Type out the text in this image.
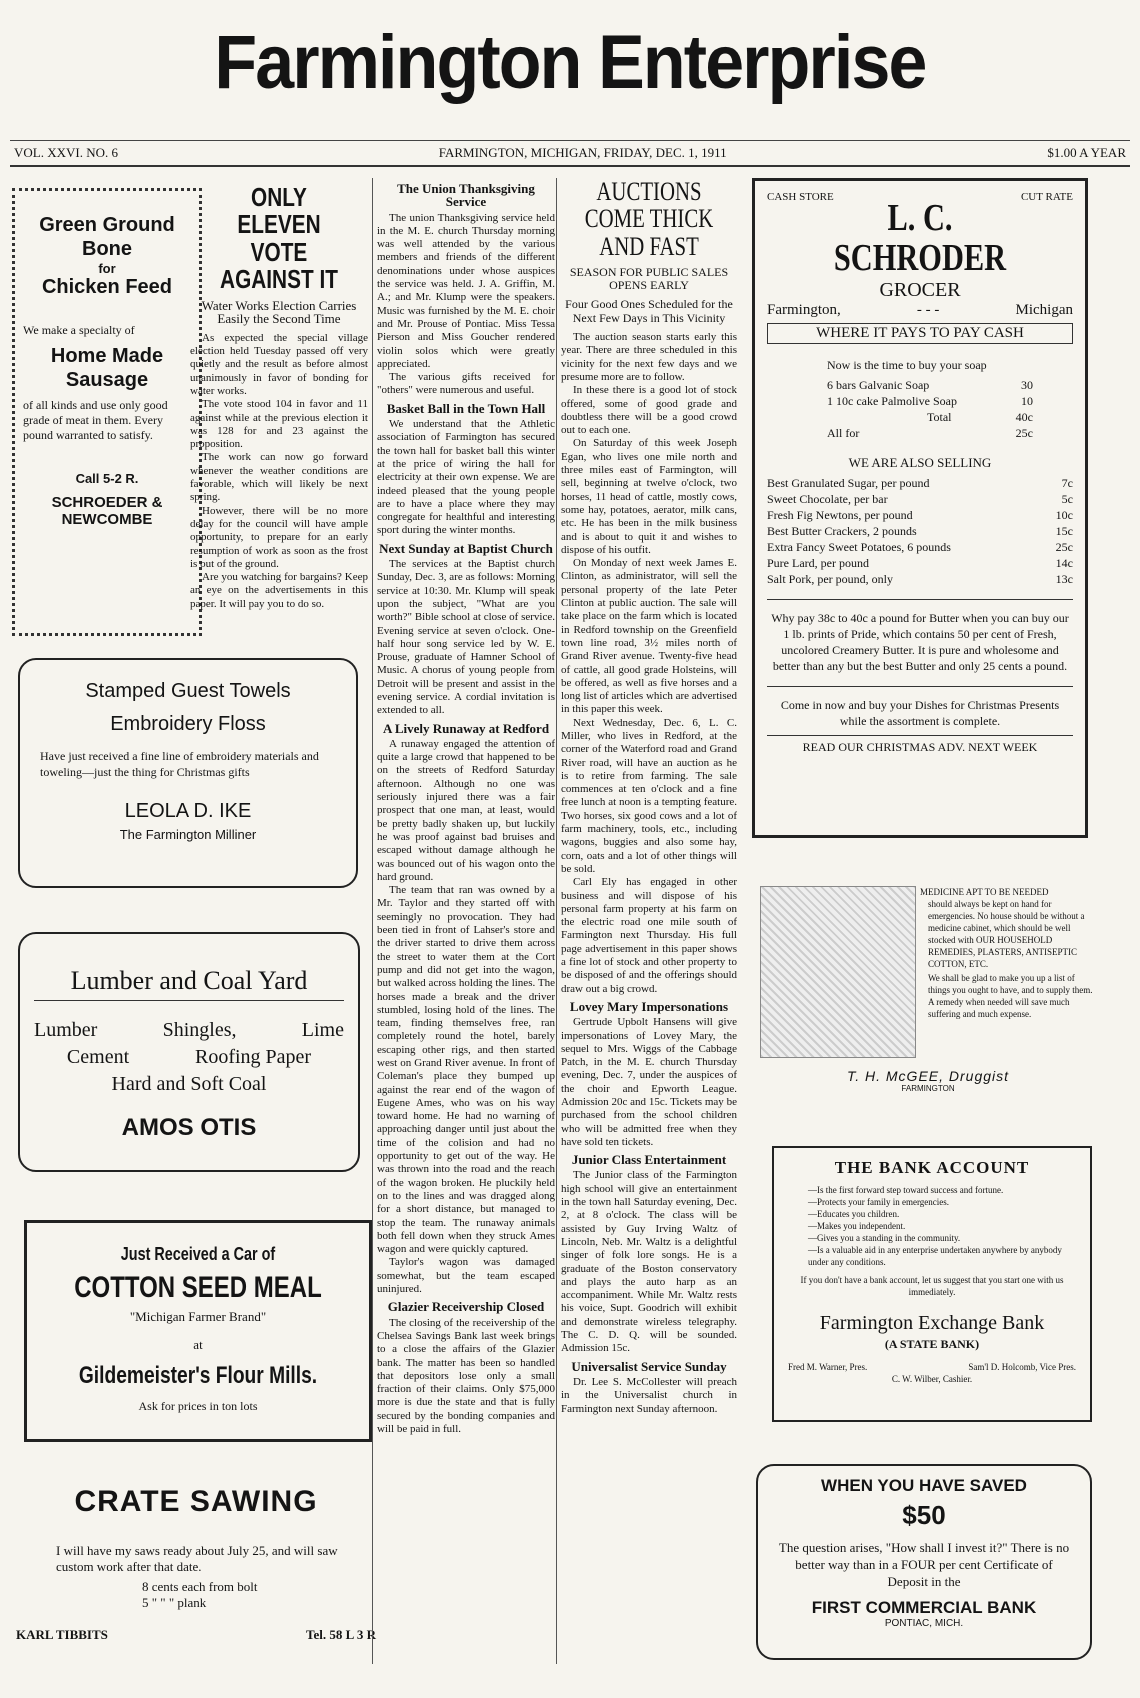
Farmington Enterprise
VOL. XXVI. NO. 6	FARMINGTON, MICHIGAN, FRIDAY, DEC. 1, 1911	$1.00 A YEAR
Green Ground Bone
for
Chicken Feed
We make a specialty of
Home Made Sausage
of all kinds and use only good grade of meat in them. Every pound warranted to satisfy.
Call 5-2 R.
SCHROEDER & NEWCOMBE
Stamped Guest Towels
Embroidery Floss
Have just received a fine line of embroidery materials and toweling—just the thing for Christmas gifts
LEOLA D. IKE
The Farmington Milliner
Lumber and Coal Yard
Lumber	Shingles,	Lime
Cement	Roofing Paper
Hard and Soft Coal
AMOS OTIS
Just Received a Car of
COTTON SEED MEAL
"Michigan Farmer Brand"
at
Gildemeister's Flour Mills.
Ask for prices in ton lots
CRATE SAWING
I will have my saws ready about July 25, and will saw custom work after that date.
8 cents each from bolt
5 " " " plank
KARL TIBBITS	Tel. 58 L 3 R
ONLY ELEVEN VOTE AGAINST IT
Water Works Election Carries Easily the Second Time

As expected the special village election held Tuesday passed off very quietly and the result as before almost unanimously in favor of bonding for water works.

The vote stood 104 in favor and 11 against while at the previous election it was 128 for and 23 against the proposition.

The work can now go forward whenever the weather conditions are favorable, which will likely be next spring.

However, there will be no more delay for the council will have ample opportunity, to prepare for an early resumption of work as soon as the frost is out of the ground.

Are you watching for bargains? Keep an eye on the advertisements in this paper. It will pay you to do so.

The Union Thanksgiving Service

The union Thanksgiving service held in the M. E. church Thursday morning was well attended by the various members and friends of the different denominations under whose auspices the service was held. J. A. Griffin, M. A.; and Mr. Klump were the speakers. Music was furnished by the M. E. choir and Mr. Prouse of Pontiac. Miss Tessa Pierson and Miss Goucher rendered violin solos which were greatly appreciated.

The various gifts received for "others" were numerous and useful.

Basket Ball in the Town Hall

We understand that the Athletic association of Farmington has secured the town hall for basket ball this winter at the price of wiring the hall for electricity at their own expense. We are indeed pleased that the young people are to have a place where they may congregate for healthful and interesting sport during the winter months.

Next Sunday at Baptist Church

The services at the Baptist church Sunday, Dec. 3, are as follows: Morning service at 10:30. Mr. Klump will speak upon the subject, "What are you worth?" Bible school at close of service. Evening service at seven o'clock. One-half hour song service led by W. E. Prouse, graduate of Hamner School of Music. A chorus of young people from Detroit will be present and assist in the evening service. A cordial invitation is extended to all.

A Lively Runaway at Redford

A runaway engaged the attention of quite a large crowd that happened to be on the streets of Redford Saturday afternoon. Although no one was seriously injured there was a fair prospect that one man, at least, would be pretty badly shaken up, but luckily he was proof against bad bruises and escaped without damage although he was bounced out of his wagon onto the hard ground.

The team that ran was owned by a Mr. Taylor and they started off with seemingly no provocation. They had been tied in front of Lahser's store and the driver started to drive them across the street to water them at the Cort pump and did not get into the wagon, but walked across holding the lines. The horses made a break and the driver stumbled, losing hold of the lines. The team, finding themselves free, ran completely round the hotel, barely escaping other rigs, and then started west on Grand River avenue. In front of Coleman's place they bumped up against the rear end of the wagon of Eugene Ames, who was on his way toward home. He had no warning of approaching danger until just about the time of the colision and had no opportunity to get out of the way. He was thrown into the road and the reach of the wagon broken. He pluckily held on to the lines and was dragged along for a short distance, but managed to stop the team. The runaway animals both fell down when they struck Ames wagon and were quickly captured.

Taylor's wagon was damaged somewhat, but the team escaped uninjured.

Glazier Receivership Closed

The closing of the receivership of the Chelsea Savings Bank last week brings to a close the affairs of the Glazier bank. The matter has been so handled that depositors lose only a small fraction of their claims. Only $75,000 more is due the state and that is fully secured by the bonding companies and will be paid in full.

AUCTIONS COME THICK AND FAST
SEASON FOR PUBLIC SALES OPENS EARLY
Four Good Ones Scheduled for the Next Few Days in This Vicinity

The auction season starts early this year. There are three scheduled in this vicinity for the next few days and we presume more are to follow.

In these there is a good lot of stock offered, some of good grade and doubtless there will be a good crowd out to each one.

On Saturday of this week Joseph Egan, who lives one mile north and three miles east of Farmington, will sell, beginning at twelve o'clock, two horses, 11 head of cattle, mostly cows, some hay, potatoes, aerator, milk cans, etc. He has been in the milk business and is about to quit it and wishes to dispose of his outfit.

On Monday of next week James E. Clinton, as administrator, will sell the personal property of the late Peter Clinton at public auction. The sale will take place on the farm which is located in Redford township on the Greenfield town line road, 3½ miles north of Grand River avenue. Twenty-five head of cattle, all good grade Holsteins, will be offered, as well as five horses and a long list of articles which are advertised in this paper this week.

Next Wednesday, Dec. 6, L. C. Miller, who lives in Redford, at the corner of the Waterford road and Grand River road, will have an auction as he is to retire from farming. The sale commences at ten o'clock and a fine free lunch at noon is a tempting feature. Two horses, six good cows and a lot of farm machinery, tools, etc., including wagons, buggies and also some hay, corn, oats and a lot of other things will be sold.

Carl Ely has engaged in other business and will dispose of his personal farm property at his farm on the electric road one mile south of Farmington next Thursday. His full page advertisement in this paper shows a fine lot of stock and other property to be disposed of and the offerings should draw out a big crowd.

Lovey Mary Impersonations

Gertrude Upbolt Hansens will give impersonations of Lovey Mary, the sequel to Mrs. Wiggs of the Cabbage Patch, in the M. E. church Thursday evening, Dec. 7, under the auspices of the choir and Epworth League. Admission 20c and 15c. Tickets may be purchased from the school children who will be admitted free when they have sold ten tickets.

Junior Class Entertainment

The Junior class of the Farmington high school will give an entertainment in the town hall Saturday evening, Dec. 2, at 8 o'clock. The class will be assisted by Guy Irving Waltz of Lincoln, Neb. Mr. Waltz is a delightful singer of folk lore songs. He is a graduate of the Boston conservatory and plays the auto harp as an accompaniment. While Mr. Waltz rests his voice, Supt. Goodrich will exhibit and demonstrate wireless telegraphy. The C. D. Q. will be sounded. Admission 15c.

Universalist Service Sunday

Dr. Lee S. McCollester will preach in the Universalist church in Farmington next Sunday afternoon.

CASH STORE	CUT RATE
L. C. SCHRODER
GROCER
Farmington,	- - -	Michigan
WHERE IT PAYS TO PAY CASH
Now is the time to buy your soap
6 bars Galvanic Soap	30
1 10c cake Palmolive Soap	10
Total	40c
All for	25c
WE ARE ALSO SELLING
Best Granulated Sugar, per pound	7c
Sweet Chocolate, per bar	5c
Fresh Fig Newtons, per pound	10c
Best Butter Crackers, 2 pounds	15c
Extra Fancy Sweet Potatoes, 6 pounds	25c
Pure Lard, per pound	14c
Salt Pork, per pound, only	13c
Why pay 38c to 40c a pound for Butter when you can buy our 1 lb. prints of Pride, which contains 50 per cent of Fresh, uncolored Creamery Butter. It is pure and wholesome and better than any but the best Butter and only 25 cents a pound.
Come in now and buy your Dishes for Christmas Presents while the assortment is complete.
READ OUR CHRISTMAS ADV. NEXT WEEK
MEDICINE APT TO BE NEEDED
should always be kept on hand for emergencies. No house should be without a medicine cabinet, which should be well stocked with OUR HOUSEHOLD REMEDIES, PLASTERS, ANTISEPTIC COTTON, ETC.
We shall be glad to make you up a list of things you ought to have, and to supply them. A remedy when needed will save much suffering and much expense.
T. H. McGEE, Druggist
FARMINGTON
THE BANK ACCOUNT
—Is the first forward step toward success and fortune.
—Protects your family in emergencies.
—Educates you children.
—Makes you independent.
—Gives you a standing in the community.
—Is a valuable aid in any enterprise undertaken anywhere by anybody under any conditions.
If you don't have a bank account, let us suggest that you start one with us immediately.
Farmington Exchange Bank
(A STATE BANK)
Fred M. Warner, Pres.	Sam'l D. Holcomb, Vice Pres.
C. W. Wilber, Cashier.
WHEN YOU HAVE SAVED
$50
The question arises, "How shall I invest it?" There is no better way than in a FOUR per cent Certificate of Deposit in the
FIRST COMMERCIAL BANK
PONTIAC, MICH.
